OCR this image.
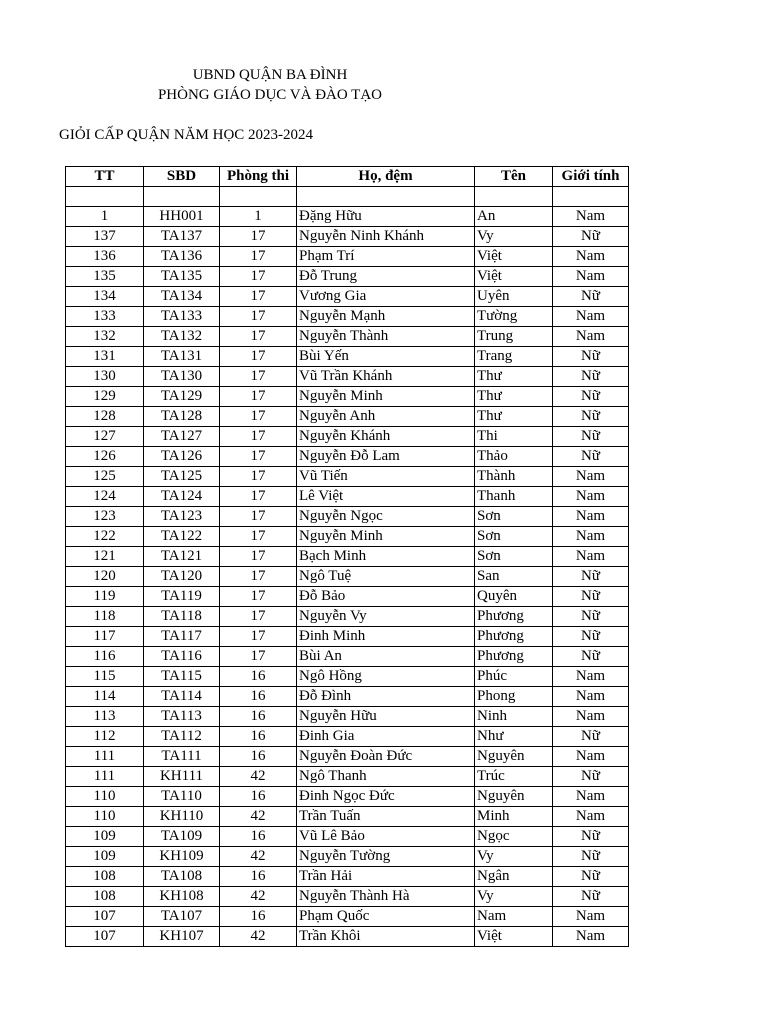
UBND QUẬN BA ĐÌNH
PHÒNG GIÁO DỤC VÀ ĐÀO TẠO
GIỎI CẤP QUẬN NĂM HỌC 2023-2024
TT	SBD	Phòng thi	Họ, đệm	Tên	Giới tính

1	HH001	1	Đặng Hữu	An	Nam
137	TA137	17	Nguyễn Ninh Khánh	Vy	Nữ
136	TA136	17	Phạm Trí	Việt	Nam
135	TA135	17	Đỗ Trung	Việt	Nam
134	TA134	17	Vương Gia	Uyên	Nữ
133	TA133	17	Nguyễn Mạnh	Tường	Nam
132	TA132	17	Nguyễn Thành	Trung	Nam
131	TA131	17	Bùi Yến	Trang	Nữ
130	TA130	17	Vũ Trần Khánh	Thư	Nữ
129	TA129	17	Nguyễn Minh	Thư	Nữ
128	TA128	17	Nguyễn Anh	Thư	Nữ
127	TA127	17	Nguyễn Khánh	Thi	Nữ
126	TA126	17	Nguyễn Đỗ Lam	Thảo	Nữ
125	TA125	17	Vũ Tiến	Thành	Nam
124	TA124	17	Lê Việt	Thanh	Nam
123	TA123	17	Nguyễn Ngọc	Sơn	Nam
122	TA122	17	Nguyễn Minh	Sơn	Nam
121	TA121	17	Bạch Minh	Sơn	Nam
120	TA120	17	Ngô Tuệ	San	Nữ
119	TA119	17	Đỗ Bảo	Quyên	Nữ
118	TA118	17	Nguyễn Vy	Phương	Nữ
117	TA117	17	Đinh Minh	Phương	Nữ
116	TA116	17	Bùi An	Phương	Nữ
115	TA115	16	Ngô Hồng	Phúc	Nam
114	TA114	16	Đỗ Đình	Phong	Nam
113	TA113	16	Nguyễn Hữu	Ninh	Nam
112	TA112	16	Đinh Gia	Như	Nữ
111	TA111	16	Nguyễn Đoàn Đức	Nguyên	Nam
111	KH111	42	Ngô Thanh	Trúc	Nữ
110	TA110	16	Đinh Ngọc Đức	Nguyên	Nam
110	KH110	42	Trần Tuấn	Minh	Nam
109	TA109	16	Vũ Lê Bảo	Ngọc	Nữ
109	KH109	42	Nguyễn Tường	Vy	Nữ
108	TA108	16	Trần Hải	Ngân	Nữ
108	KH108	42	Nguyễn Thành Hà	Vy	Nữ
107	TA107	16	Phạm Quốc	Nam	Nam
107	KH107	42	Trần Khôi	Việt	Nam
